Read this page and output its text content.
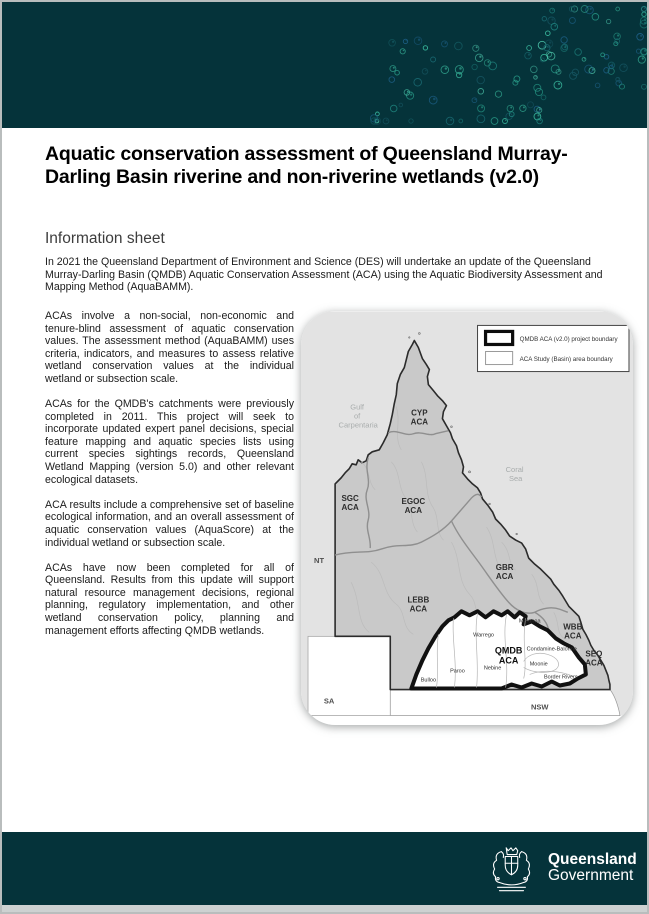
Aquatic conservation assessment of Queensland Murray-Darling Basin riverine and non-riverine wetlands (v2.0)
Information sheet
In 2021 the Queensland Department of Environment and Science (DES) will undertake an update of the Queensland Murray-Darling Basin (QMDB) Aquatic Conservation Assessment (ACA) using the Aquatic Biodiversity Assessment and Mapping Method (AquaBAMM).

ACAs involve a non-social, non-economic and tenure-blind assessment of aquatic conservation values. The assessment method (AquaBAMM) uses criteria, indicators, and measures to assess relative wetland conservation values at the individual wetland or subsection scale.

ACAs for the QMDB's catchments were previously completed in 2011. This project will seek to incorporate updated expert panel decisions, special feature mapping and aquatic species lists using current species sightings records, Queensland Wetland Mapping (version 5.0) and other relevant ecological datasets.

ACA results include a comprehensive set of baseline ecological information, and an overall assessment of aquatic conservation values (AquaScore) at the individual wetland or subsection scale.

ACAs have now been completed for all of Queensland. Results from this update will support natural resource management decisions, regional planning, regulatory implementation, and other wetland conservation policy, planning and management efforts affecting QMDB wetlands.

Gulf of Carpentaria
Coral Sea
NT
SA
NSW
CYP ACA
SGC ACA
EGOC ACA
GBR ACA
LEBB ACA
WBB ACA
SEQ ACA
QMDB ACA
Maranoa
Warrego
Paroo
Bulloo
Nebine
Moonie
Condamine-Balonne
Border Rivers
QMDB ACA (v2.0) project boundary
ACA Study (Basin) area boundary
Queensland
Government
